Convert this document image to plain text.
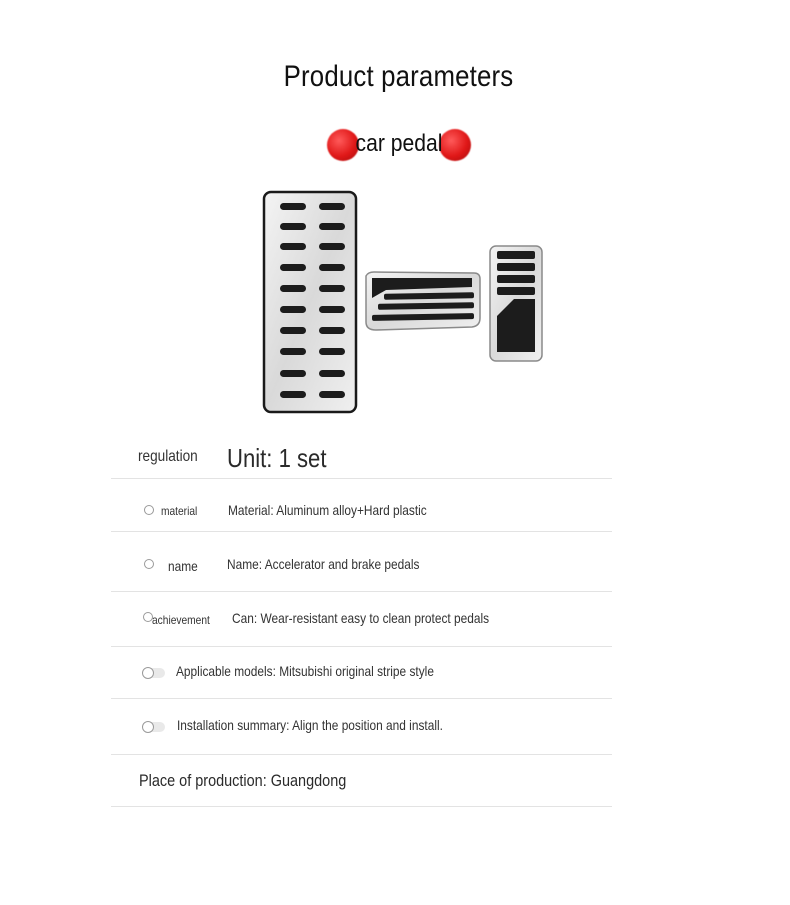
Product parameters
car pedal
regulation Unit: 1 set
material Material: Aluminum alloy+Hard plastic
name Name: Accelerator and brake pedals
achievement Can: Wear-resistant easy to clean protect pedals
Applicable models: Mitsubishi original stripe style
Installation summary: Align the position and install.
Place of production: Guangdong
